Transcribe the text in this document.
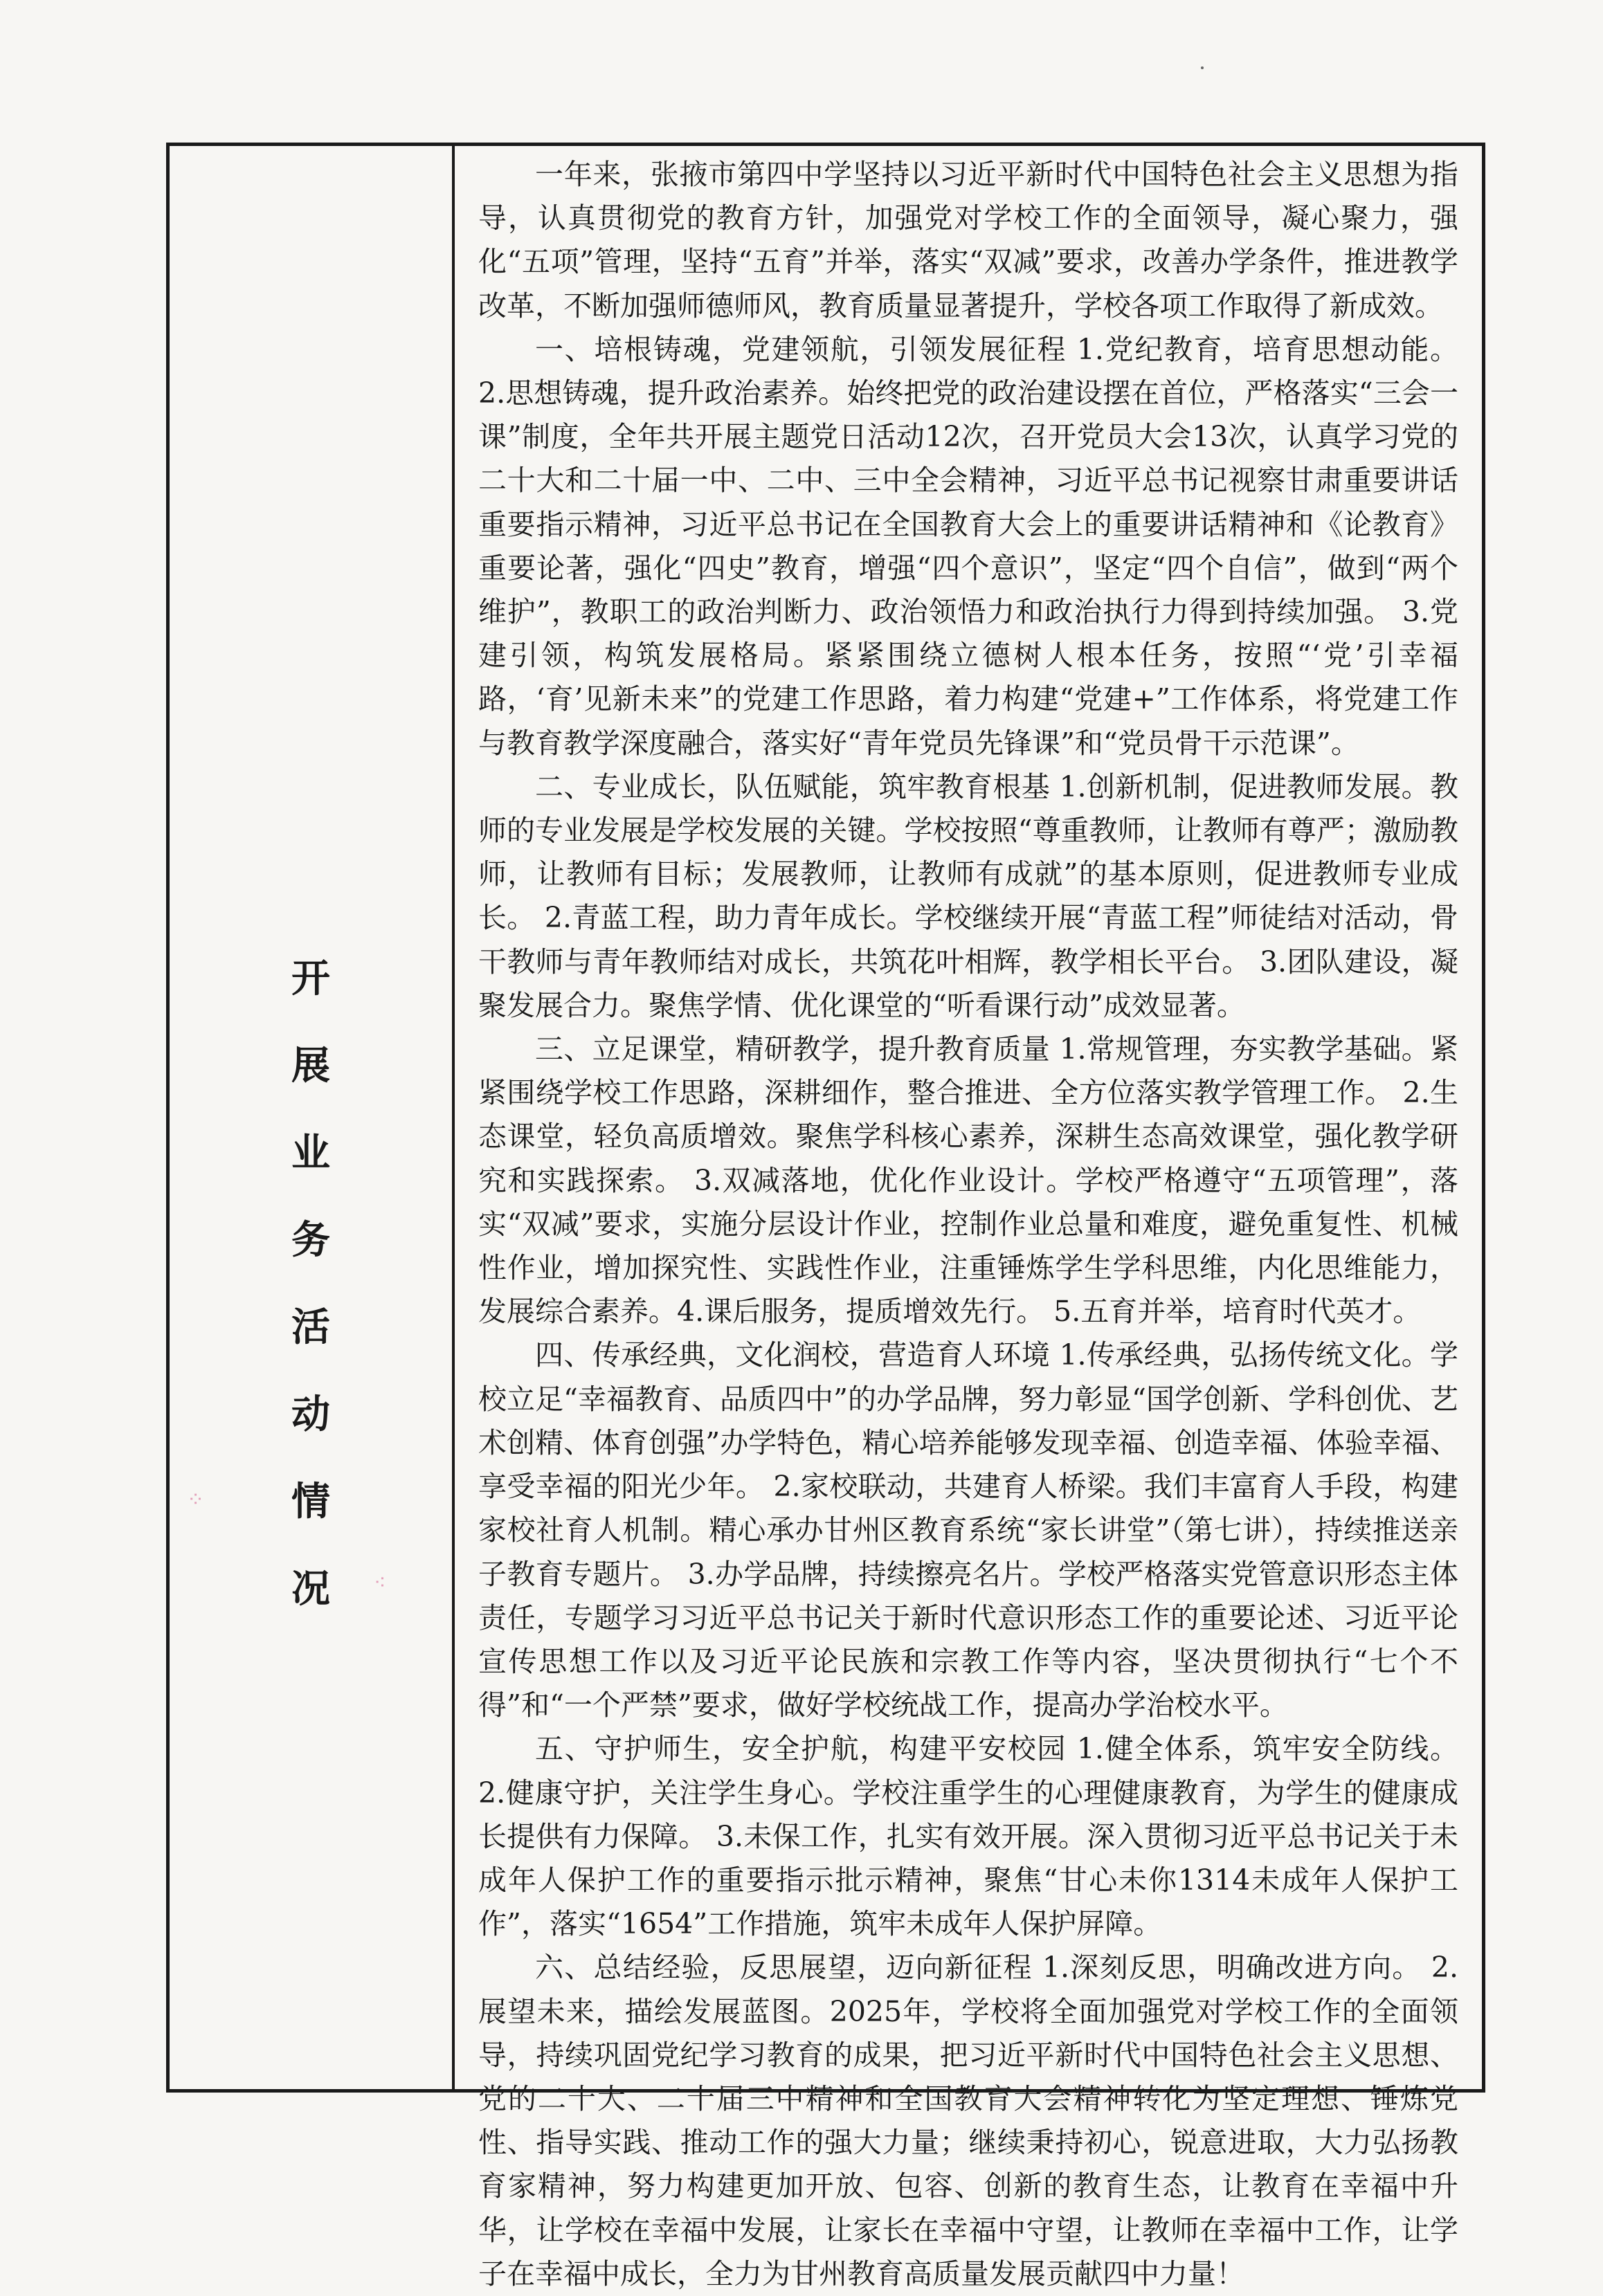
开
展
业
务
活
动
情
况

一年来，张掖市第四中学坚持以习近平新时代中国特色社会主义思想为指导，认真贯彻党的教育方针，加强党对学校工作的全面领导，凝心聚力，强化“五项”管理，坚持“五育”并举，落实“双减”要求，改善办学条件，推进教学改革，不断加强师德师风，教育质量显著提升，学校各项工作取得了新成效。

一、培根铸魂，党建领航，引领发展征程 1.党纪教育，培育思想动能。 2.思想铸魂，提升政治素养。始终把党的政治建设摆在首位，严格落实“三会一课”制度，全年共开展主题党日活动12次，召开党员大会13次，认真学习党的二十大和二十届一中、二中、三中全会精神，习近平总书记视察甘肃重要讲话重要指示精神，习近平总书记在全国教育大会上的重要讲话精神和《论教育》重要论著，强化“四史”教育，增强“四个意识”，坚定“四个自信”，做到“两个维护”，教职工的政治判断力、政治领悟力和政治执行力得到持续加强。 3.党建引领，构筑发展格局。紧紧围绕立德树人根本任务，按照“‘党’引幸福路，‘育’见新未来”的党建工作思路，着力构建“党建+”工作体系，将党建工作与教育教学深度融合，落实好“青年党员先锋课”和“党员骨干示范课”。

二、专业成长，队伍赋能，筑牢教育根基 1.创新机制，促进教师发展。教师的专业发展是学校发展的关键。学校按照“尊重教师，让教师有尊严；激励教师，让教师有目标；发展教师，让教师有成就”的基本原则，促进教师专业成长。 2.青蓝工程，助力青年成长。学校继续开展“青蓝工程”师徒结对活动，骨干教师与青年教师结对成长，共筑花叶相辉，教学相长平台。 3.团队建设，凝聚发展合力。聚焦学情、优化课堂的“听看课行动”成效显著。

三、立足课堂，精研教学，提升教育质量 1.常规管理，夯实教学基础。紧紧围绕学校工作思路，深耕细作，整合推进、全方位落实教学管理工作。 2.生态课堂，轻负高质增效。聚焦学科核心素养，深耕生态高效课堂，强化教学研究和实践探索。 3.双减落地，优化作业设计。学校严格遵守“五项管理”，落实“双减”要求，实施分层设计作业，控制作业总量和难度，避免重复性、机械性作业，增加探究性、实践性作业，注重锤炼学生学科思维，内化思维能力，发展综合素养。4.课后服务，提质增效先行。 5.五育并举，培育时代英才。

四、传承经典，文化润校，营造育人环境 1.传承经典，弘扬传统文化。学校立足“幸福教育、品质四中”的办学品牌，努力彰显“国学创新、学科创优、艺术创精、体育创强”办学特色，精心培养能够发现幸福、创造幸福、体验幸福、享受幸福的阳光少年。 2.家校联动，共建育人桥梁。我们丰富育人手段，构建家校社育人机制。精心承办甘州区教育系统“家长讲堂”（第七讲），持续推送亲子教育专题片。 3.办学品牌，持续擦亮名片。学校严格落实党管意识形态主体责任，专题学习习近平总书记关于新时代意识形态工作的重要论述、习近平论宣传思想工作以及习近平论民族和宗教工作等内容，坚决贯彻执行“七个不得”和“一个严禁”要求，做好学校统战工作，提高办学治校水平。

五、守护师生，安全护航，构建平安校园 1.健全体系，筑牢安全防线。 2.健康守护，关注学生身心。学校注重学生的心理健康教育，为学生的健康成长提供有力保障。 3.未保工作，扎实有效开展。深入贯彻习近平总书记关于未成年人保护工作的重要指示批示精神，聚焦“甘心未你1314未成年人保护工作”，落实“1654”工作措施，筑牢未成年人保护屏障。

六、总结经验，反思展望，迈向新征程 1.深刻反思，明确改进方向。 2.展望未来，描绘发展蓝图。2025年，学校将全面加强党对学校工作的全面领导，持续巩固党纪学习教育的成果，把习近平新时代中国特色社会主义思想、党的二十大、二十届三中精神和全国教育大会精神转化为坚定理想、锤炼党性、指导实践、推动工作的强大力量；继续秉持初心，锐意进取，大力弘扬教育家精神，努力构建更加开放、包容、创新的教育生态，让教育在幸福中升华，让学校在幸福中发展，让家长在幸福中守望，让教师在幸福中工作，让学子在幸福中成长，全力为甘州教育高质量发展贡献四中力量！

⁘
⁖
